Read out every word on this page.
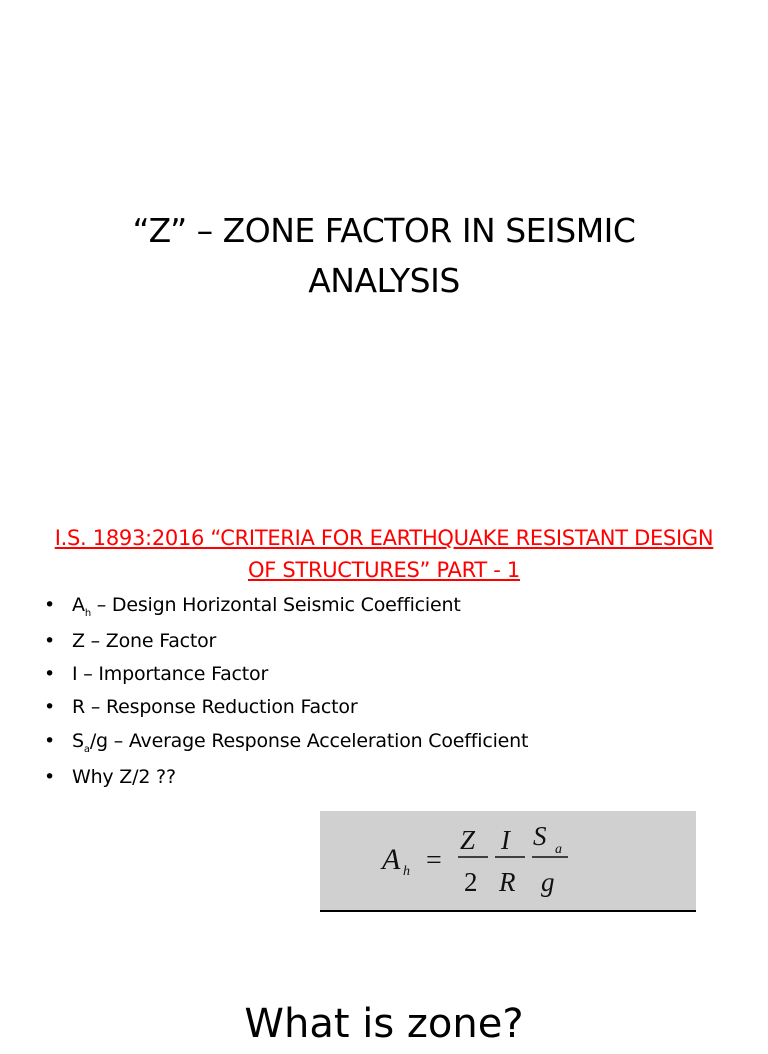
“Z” – ZONE FACTOR IN SEISMIC
ANALYSIS
I.S. 1893:2016 “CRITERIA FOR EARTHQUAKE RESISTANT DESIGN
OF STRUCTURES” PART - 1
• $A_h$ – Design Horizontal Seismic Coefficient
• Z – Zone Factor
• I – Importance Factor
• R – Response Reduction Factor
• $S_a/g$ – Average Response Acceleration Coefficient
• Why Z/2 ??
A h =
Z
2
I
R
S a
g
What is zone?
